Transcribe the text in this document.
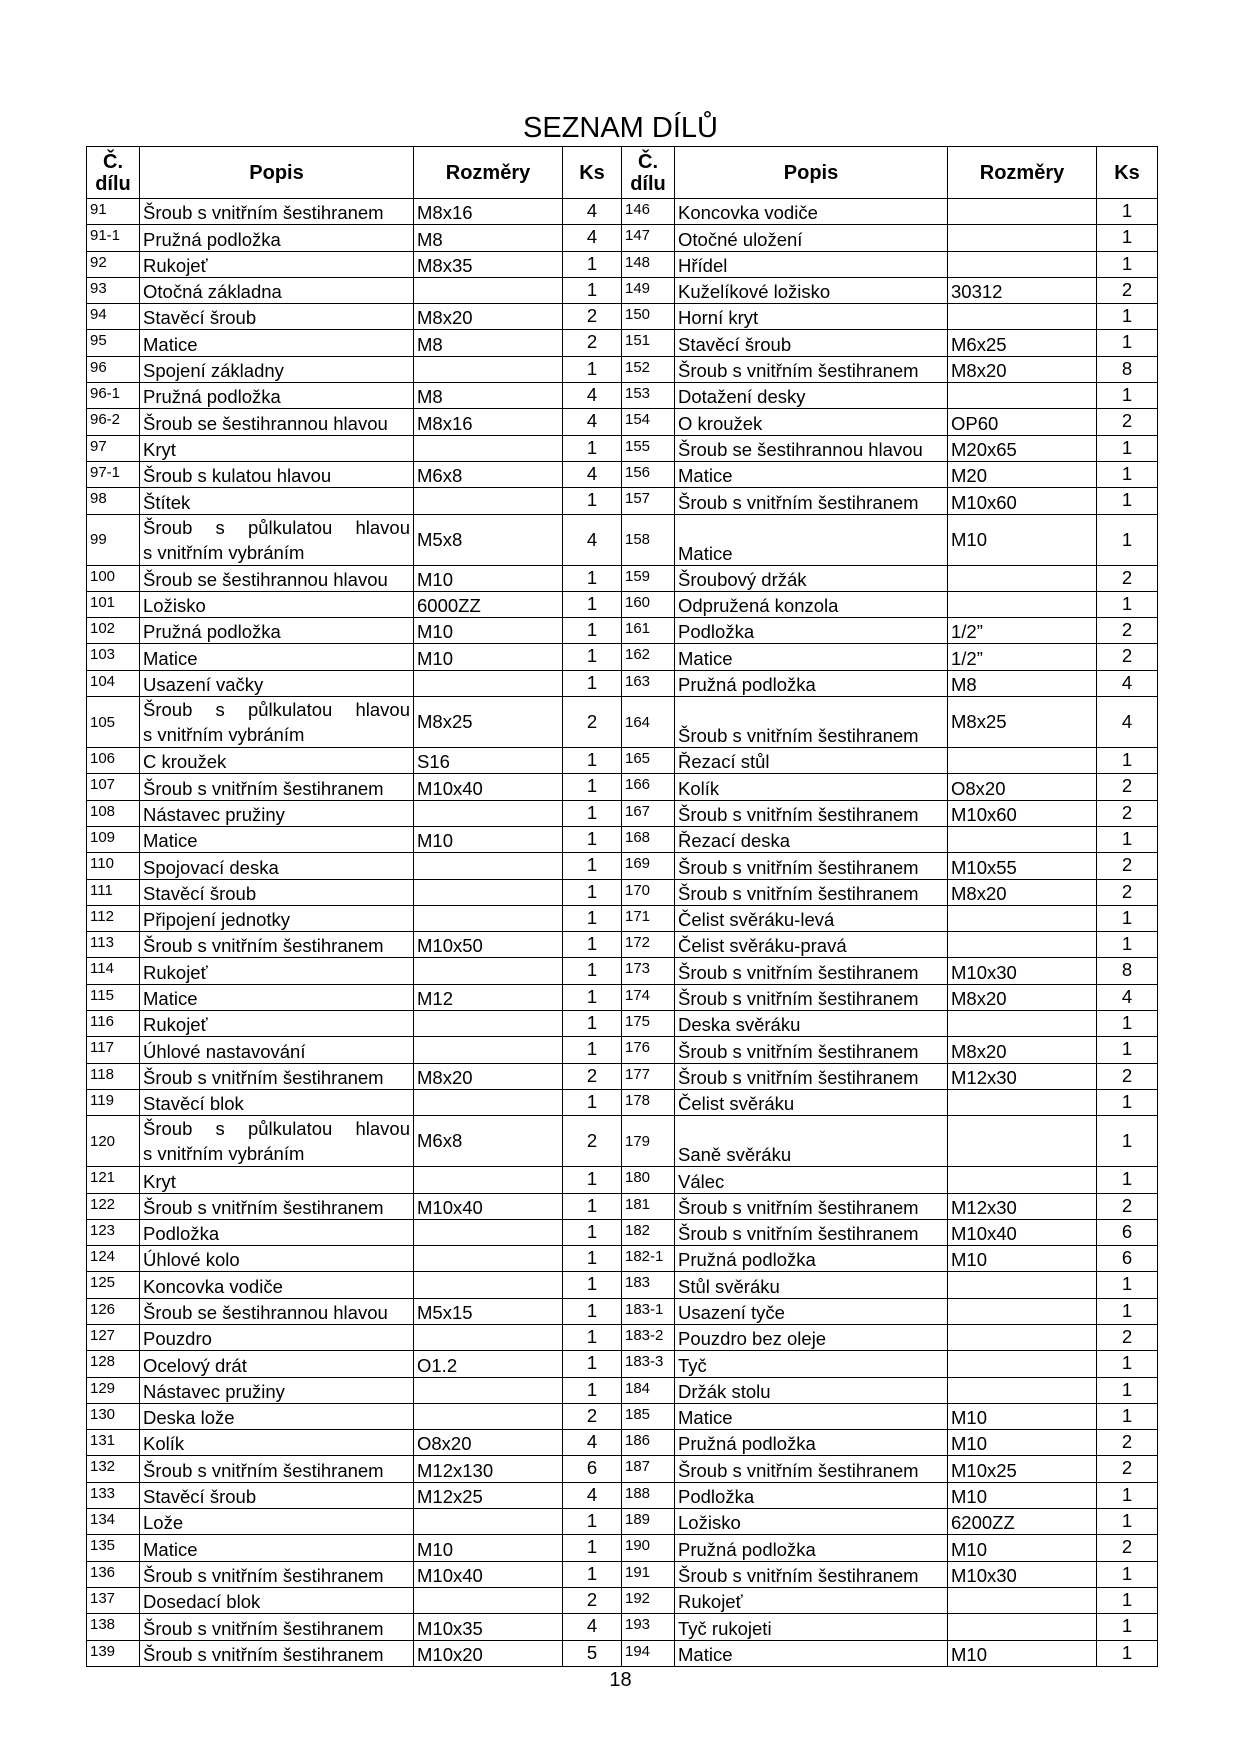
SEZNAM DÍLŮ
Č.
dílu	Popis	Rozměry	Ks	Č.
dílu	Popis	Rozměry	Ks
91	Šroub s vnitřním šestihranem	M8x16	4	146	Koncovka vodiče		1
91-1	Pružná podložka	M8	4	147	Otočné uložení		1
92	Rukojeť	M8x35	1	148	Hřídel		1
93	Otočná základna		1	149	Kuželíkové ložisko	30312	2
94	Stavěcí šroub	M8x20	2	150	Horní kryt		1
95	Matice	M8	2	151	Stavěcí šroub	M6x25	1
96	Spojení základny		1	152	Šroub s vnitřním šestihranem	M8x20	8
96-1	Pružná podložka	M8	4	153	Dotažení desky		1
96-2	Šroub se šestihrannou hlavou	M8x16	4	154	O kroužek	OP60	2
97	Kryt		1	155	Šroub se šestihrannou hlavou	M20x65	1
97-1	Šroub s kulatou hlavou	M6x8	4	156	Matice	M20	1
98	Štítek		1	157	Šroub s vnitřním šestihranem	M10x60	1
99	Šroub s půlkulatou hlavou
s vnitřním vybráním	M5x8	4	158	Matice	M10	1
100	Šroub se šestihrannou hlavou	M10	1	159	Šroubový držák		2
101	Ložisko	6000ZZ	1	160	Odpružená konzola		1
102	Pružná podložka	M10	1	161	Podložka	1/2”	2
103	Matice	M10	1	162	Matice	1/2”	2
104	Usazení vačky		1	163	Pružná podložka	M8	4
105	Šroub s půlkulatou hlavou
s vnitřním vybráním	M8x25	2	164	Šroub s vnitřním šestihranem	M8x25	4
106	C kroužek	S16	1	165	Řezací stůl		1
107	Šroub s vnitřním šestihranem	M10x40	1	166	Kolík	O8x20	2
108	Nástavec pružiny		1	167	Šroub s vnitřním šestihranem	M10x60	2
109	Matice	M10	1	168	Řezací deska		1
110	Spojovací deska		1	169	Šroub s vnitřním šestihranem	M10x55	2
111	Stavěcí šroub		1	170	Šroub s vnitřním šestihranem	M8x20	2
112	Připojení jednotky		1	171	Čelist svěráku-levá		1
113	Šroub s vnitřním šestihranem	M10x50	1	172	Čelist svěráku-pravá		1
114	Rukojeť		1	173	Šroub s vnitřním šestihranem	M10x30	8
115	Matice	M12	1	174	Šroub s vnitřním šestihranem	M8x20	4
116	Rukojeť		1	175	Deska svěráku		1
117	Úhlové nastavování		1	176	Šroub s vnitřním šestihranem	M8x20	1
118	Šroub s vnitřním šestihranem	M8x20	2	177	Šroub s vnitřním šestihranem	M12x30	2
119	Stavěcí blok		1	178	Čelist svěráku		1
120	Šroub s půlkulatou hlavou
s vnitřním vybráním	M6x8	2	179	Saně svěráku		1
121	Kryt		1	180	Válec		1
122	Šroub s vnitřním šestihranem	M10x40	1	181	Šroub s vnitřním šestihranem	M12x30	2
123	Podložka		1	182	Šroub s vnitřním šestihranem	M10x40	6
124	Úhlové kolo		1	182-1	Pružná podložka	M10	6
125	Koncovka vodiče		1	183	Stůl svěráku		1
126	Šroub se šestihrannou hlavou	M5x15	1	183-1	Usazení tyče		1
127	Pouzdro		1	183-2	Pouzdro bez oleje		2
128	Ocelový drát	O1.2	1	183-3	Tyč		1
129	Nástavec pružiny		1	184	Držák stolu		1
130	Deska lože		2	185	Matice	M10	1
131	Kolík	O8x20	4	186	Pružná podložka	M10	2
132	Šroub s vnitřním šestihranem	M12x130	6	187	Šroub s vnitřním šestihranem	M10x25	2
133	Stavěcí šroub	M12x25	4	188	Podložka	M10	1
134	Lože		1	189	Ložisko	6200ZZ	1
135	Matice	M10	1	190	Pružná podložka	M10	2
136	Šroub s vnitřním šestihranem	M10x40	1	191	Šroub s vnitřním šestihranem	M10x30	1
137	Dosedací blok		2	192	Rukojeť		1
138	Šroub s vnitřním šestihranem	M10x35	4	193	Tyč rukojeti		1
139	Šroub s vnitřním šestihranem	M10x20	5	194	Matice	M10	1
18
